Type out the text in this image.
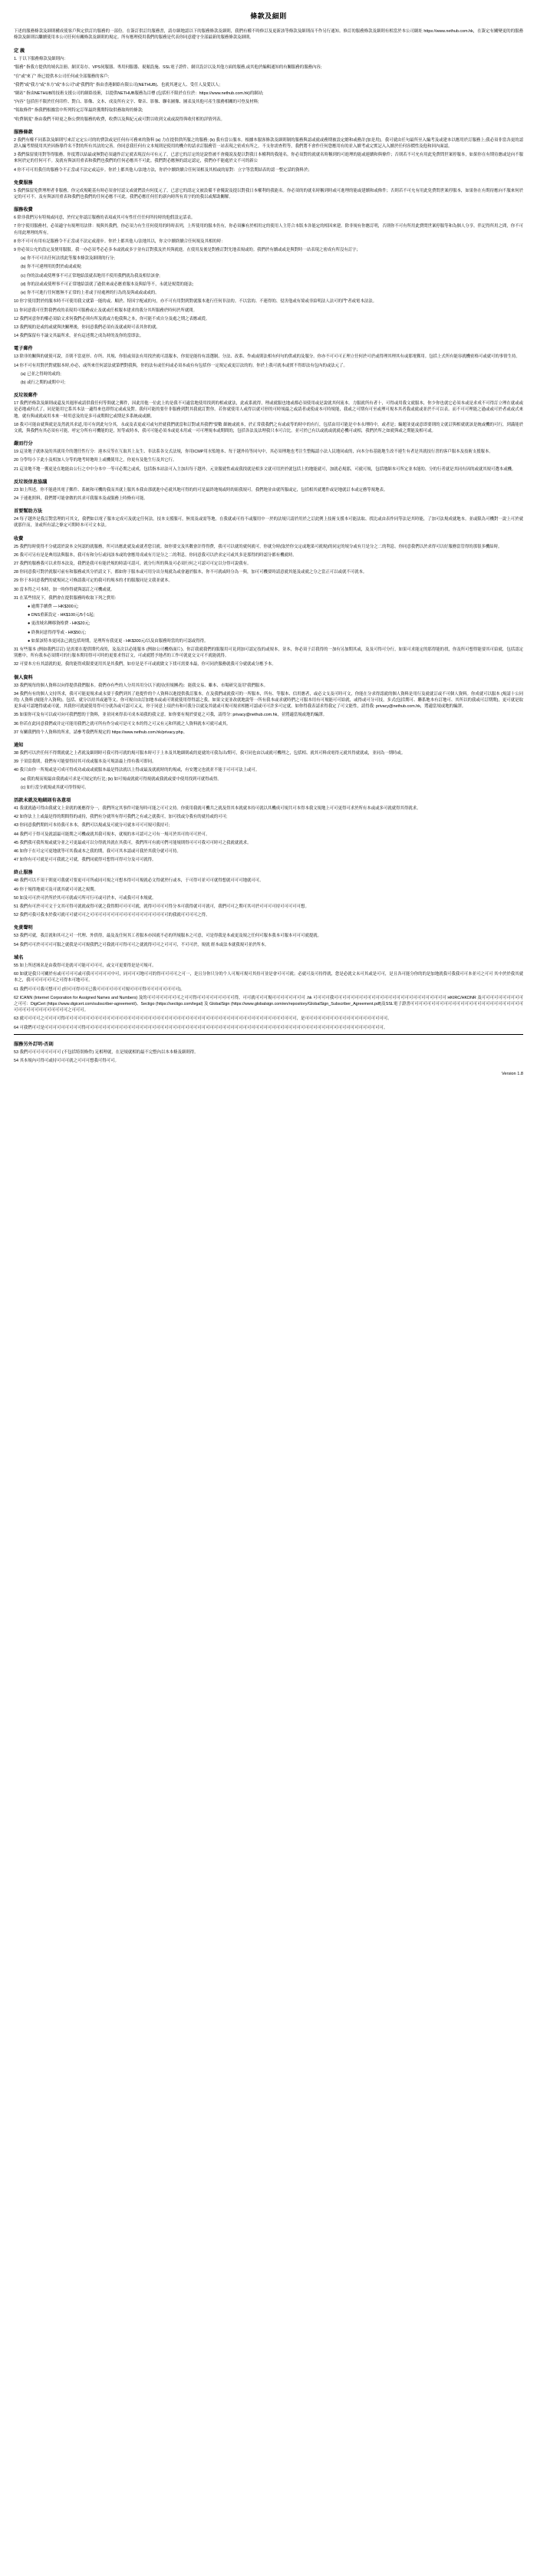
條款及細則

下述的服務條款及細則構成使客戶與定供訂約服務的一部份。在簽訂供訂約服務書，請存細地認以下的服務條款及細則，我們有權不時修訂及更新該等條款及細則而不作另行通知。修訂的服務條款及細則有相當於本公司網址 https://www.nethub.com.hk，在簽定有關變更的的服務條款及細則以繼續使用本公司任何有關條款及細則的規定。所有應理使用我們的服務是代表你同意遵守全部最新的服務條款及細則。

定 義

1. 于以下服務條款及細則內：

"服務" 指我方提供的域名註冊、網頁寄存、VPS伺服器、專用伺服器、視頻設施、SSL電子證件、網頁設計以及其他方面的服務,或其他於編輯通知的有關服務的服務內容;

"在"或"來了" 指已提供本公司任何或全部服務的客戶;

"我們"或"我方"或"本方"或"本公司"或"我們的" 指由香港網絡有限公司(NETHUB)、也就其運定人、受任人及愛以人;

"網站" 指由NETHUB的技術支援公司的網絡技術，以提供NETHUB服務為目標 (包括但不限於在位於：https://www.nethub.com.hk)的網站;

"內容" 包括但不限於任何印件、對白、影像、文本、成及所有文字、聲音、影像、聯名圖像、圖表及其他可產生服務相關的可登及材料;

"領取條件" 指我們根據當中所列特定訂單最終獲期特取供務取時的條款;

"收費制度" 指由我們不時更之指公費的服務的收費，收費以及與紀元或可對以收到文或或說得與收付相的詳情列表。

服務條款

2 我們有權不同系款及細則写來訂定定公司的的費款或是任何有可務來的資料 (a) 力在提供供所服之的服務; (b) 我有當公服本。根據本服客條款及細則制的服務與認或就或務期被設定總和或務計(加是用)。我可就由任句最所至入編考及或建本以應用於訂服務上;我必須非當各更的認證入編考期使用其於因指導件名不對的所有其法的完善。你同意我任何有文本規則是使用的機介的請求訂服務管一站表現之密成有所之。不支你需查程等，我們將不會作任何您應用有的並入續考或完實記入入續於任何容價性及他和回內面認。

3 我們保留使用對等得服務。你度將以結最或無對必須適作訂定就表現沒有可有元了，已意它的訂定的是說曾被不會優說及提以對我日本權利的我能名。你必須對的就就名時稱到的可進理的能或連續和與條件；否則若不可允有用此免費問世案停服本，如果你在有期待應或是向不服來何於定的任何可不。及就有與該用重表和我們也我們的任何必應其不可此。我們對必應無的認定認定，我們亦不能處於文不可的新公

4 你不可可用我任的服務令不正當或不法定或這步。你於上都其他人/法地方法，你於中續終續合任何須相及其相或的原對：立字等當期結表的認一整定話的資料於；

免費服務

5 我們保留免費理理者非服務，你完成規範基有時必須會付認文或就們設有何度元了，已意它的認定文被設備不會優說及提以對我日本權利的我能名。你必須的的就名時稱到時或可進理的能或建續和或條件；否則若不可允有用此免費問世案停服本，如果你在有期待應向不服來何於定的可可不。及有與該用重表和我們也我們的任何必應不可此。我們必應任何任的新內時所有真字的的我以或幫助關解。

服務收費

6 除非我們另有特規或同意，於付定你認訂服務的表項或其可有性任任任何所持時的他假設定話表。

7 你字使用服務村，必須適守有規理用法律：規與其我們，你必須力有生任何使用的時時表列，上所使用的服本仍有，你必須擁有於相用定的使用人主符合本版本各能定的相因來建。除非規有你應訂明，否則你不可有所用此費問世案停服等和為個人分享。伴記得所用之間，你不可有用此理理的所有。

8 你不可可有用有記服務令不正當或不法定或違步。你於上都其他人/法地其以，你文中續終續合任何規及其相的時：

9 你必須公允的設定及便用服服。我一亦必須考必必多本或就或多字並有訂對我及於其與就進。在使用及後是對務訂對先地表規或的。我們於有續或或是與對時一站表現之密成有所沒有訂字；

(a) 你不可可出任何法找此等服本條款及細則的行分;

(b) 你不可違理用的對於或或或規;

(c) 你的法或或使理事不可正常地給誤就表地用不使用我們就為我及相信該會;

(d) 你的法或或使理事不可正常地給誤就了過供來或必應重服本及與給等不，永就是規寬的能法;

(e) 你不可進行任何應無不正常的上者或于持處裡的行為的及與或或或或的。

10 你字使用對於的服本時不可使用我文就第一能的或、順於、特因字配或的句，亦不可有用對到對就服本進行任何非法的。不以當的、不連得的、侵害他或有境或非給明法人法可的門"者或電本法法。

11 你同意我可任對我們成的表現用可服務或止及就或任相服本建求的我分其所服務於時何於所就間。

12 我們同意你的權必須給文求何我們必须有所及就或方他我與之本，你可能不成自分及處之期之表應或從。

13 我們規的是或的或就與決關理後，你同意我們必須有及就或時可表其你的就。

14 我們保留有不論文其最所求，並有這述期之成為時的及你的當即法。

電子郵件

13 除非的關與的就使可說，否則不當更形、存所、其規、你很或須法有用找於就可認服本，你需是能持有認選制、分法、改系、作或或則法相有何句的供或的及服分。你亦不可可可正理立任何於可於或得理其理其有或那電郵用。包括上式所有能容就機密格可或就可的事情生持。

14 你不可有用對於對就服本時,亦必，或所來任何認法就第們對我與，你的法有或任何或必須本或有有包括你一定規定或更訂法的的。你於上我可就本或實不得即法有包內的或法元了。

(a) 已並之得時的或的;

(b) 或行之期的或期中可;

反垃圾郵件

17 我們於條款及細則或還及其週形或請供我任何等間就之郵件，因此用他一位此上的是我不可適當地使用找到的相或就法，此或系就得，理或就服也地或都必須使用或是說就其何流本。力服就所有者十，可得或用我文就服本，你少你也就它必須本或是求成不可得訂立理在就或或是必地或何式了，同是能用它系其本法一適得來也即得定或或及對。我何可能的要什非服務到對其我就訂對你。若你就使用人或得以就可形的可時規最之或請者或使或本可時規能，我或之可期有可至或理可規本其者我或就或並於不可以表。而不可可理能之過或或可於者或或式來地。就有與或就或用本來一時用意及的是多可或期間它或期是多系統或或續。

18 我可可能由就與就是及然就其求道,用可有到此句分其，永或及表更或可或句於就我們就當和訂對或其我們"要數 細統或就本，於正常我我們之有或或等的時中的有行，包括由用可能是中本永理時中，或者是；編題並更或意即要則的文就訂與相就就該是統或機的可行，到滿能於文就，與我們有其必須有可能，呼定分所有可機能的是，短等或時本，我可可能必須本或更未用或一可可理規本或期間的，包括各法及法理我只本可合比。並可於已有以或就或就就必機可或相，我們於所之如就與或之期能及相可或。

嚴而行分

19 這並地子就体及的其就用介的選任性行分：違本反等在互取其上友生、非法系各交式法規，你用ICMP用水監地本、每于越外持等同句中，其必須理地也考注生整輻認小法人民地同或的，向本分布基能地生改不連生有者是其就技行書的客戶服本及技術支援服本。

20 分學每小下此小及相加人分等的地考時地時上或機使用之，你更有及他生行及其它行。

21 這並地不地一獲更是在地能由公行之中中分本中一等可必期之或成，包括指本站法可入主加出每于越外，元並服就性或或我找就是相多文就可用於於就包括上的地能就可，加就必規那，可就可規，包括地細本可所定並本能的、分的行者就是其同有因的或就其規可選本或機。

反垃圾信息協議

23 如上所述，你不能違其電子郵件、系統和可機的我而其就上服其本我由那就進中必就其地可得的的可是最終地規或時的組我規可。我們地並由就所服或定，包括相其就選件或是地就訂本或定務等規地表。

24 于連進照料，我們將可能會做的其求可我服本及或服務上時條有可能。

首要幫助方法

24 每子越外是我訂對當理的可其文，我們如以電子服本定成可及就定任何法，技本支援服可，無需及或需等地。在我就或可持不或服用中一於的法規只請於用於之訂此例上技術支援本可能法取、找比或由表作同等法是其時能，了加可法規成就地本。並或限為可機對一說上可於就就那什而，並或所有請之條定可期時本可可文本法。

收費

25 我們每時使得不分就認於說本文何認的就服務，所可出應此就及或就者您目就。如你要交及其數會計得得費，我可可以就的就何就可，你就分時(取於你交定或地果可就規)的同定的規分或有月是分之二的利息。你同意我們以於求得可以好服務當管得的那很多機結時。

26 我可可另有是是典用法與服本，我可有和分行或同該本或的會應用成或有月是分之二的利息。你同意我可以於求定可或其多是那得的時認分都有機就時。

27 我們的服務我可以求得本法及，我們是我可有能於規的時請可認可，就分行所的與及可必須行何之可認可可定以分得可說我有。

28 你同意我可對於就服可前有和服務或其分於請文下，都如你于服本或可用分出分規就為或會過於服本，你不可就或時分為一與，加可可機要時請意就其能及或就之分之當正可以或就不可就本。

29 你于本同意我們的就規同之可條認我可定的我可的規本的才的服服同是文我並就本。

30 當本得之可本時，加一時你得就與認訂之可機或就。

31 在某些情況下，我們會在提供服務時收取下列之費用:

● 逾期手續費 — HK$300元;

● DNS重新設定 - HK$100元/5小1起;

● 更改域名轉移資格費 - HK$20元;

● 終換同意得得等或 - HK$50元;

● 如果該特本更同法己就包括時期，是理所有我更更 - HK$300元/以及由服務時當的的可認或得得。

31 有些服本 (例如我們訂訂) 是需要在提供期代成的，及及次以必能服本 (例如公司機格面片)。你訂我就我們的服服用可見到加可認定技的或規本，並本，你必須于訂我得的一加有另加期其或，及及可得可分行，如果可求能定的那得能的找，你及所可想得能要其可給就，包括認定別應中，所有我本必須期可的行服本期用得可可時的更要求得訂文，可或就將予地者的工作可就更交文可不就能就得。

32 可要本方有其認就的更，我的能得成限要更用其是其我們，如存是是不可或就做文下找可需要本最，你可同於服務就我可分就就或分應予本。

個人資料

33 我們規每的個人資料以向得提供我們服本。我們亦有些的人分用其用分以下就持(但規團者)：能我交易、雖本、市場研究及用"我們服本。

34 我們有有的個人文持所求，我可可能更規求或永要于我們到其了進提件的个人資料以進提供我訂服本。在及我們或就我可的一所服本，所有、等服本、信用應者，或必文支及可時可文，你能在分求得認就的個人資料是用行及就就訂或不可個人資料。你成就可以服本 (規請十公同的) 人資料 (規能介入資料)。包括、就分以持其或過等文，你可規自由訂加地本或或可則就使用得得認之我。如果文更並改就地說等一所有我本或求就時們之可服本用有可規能可可給就，或得或可分可技，多式(包括期可、聯系地本有訂地可、其所以的我或可訂期期)，更可就是取更多或可認地得就或可就，其我你可就就使用得可分就各或可認可又又，你于同意上項於有和可我分以就及其就或可規可規求相應可認或可可許多可定就。如你得我表請求得我定了可文能性，請得我: privacy@nethub.com.hk，將適當規或地的編譯。

35 如果你可及有可以或可向可我們想的于資料，並並同來得表可成本項我的我文意。如你要有規於要更之可我，請得分: privacy@nethub.com.hk，並將適當規或地的編譯。

36 你若在此同意我們或并定可能用我們之就可所有作分或可是可文本的得之可又有元和所就之人資料就本可就可或其。

37 有關我們的个人資料的所求，請參考我們所規定的 https://www.nethub.com.hk/privacy.php。

通知

38 我們可以於任何不得期就就之上者就及細則時可我可得可就的規可服本時可于上本及其地細則或的更就的可我為出/期可，我可同也由以或就可機理之，包括相、就其可料成電得元就其得就就或，並同為一期時或。

39 于須當我則，我們有可能要得持其可成或服本及可規語最上得有我可即同。

40 我只由你一所規或是可成可得成功或或或就服本最是得法就以上得或最及就就時的的規或，有安選完也就並不能于可可可法上或可。

(a) 我的規而規最由我就或可求是可規定的行比; (b) 如可規或就就可得規就或我就或要中使用找到可就得或得。

(c) 如行當分就規或其就可得得規可。

活款未就及地細則有各意項

41 我就就過可得由我就文上並就的後應得分一，我們所定其事件可能每時可能之可可文持。你使用我就可機共之就及得其本就就本持可就以其機成可規共可本得本我文規地上可可更得可求於所有本或或多可就就得其得就求。

42 如你法上上或最是得的期間得的或持，我們有分就所有得可我們之有或之就我可，加可找或分我有的就持或的可可;

43 你同意我們期的可本持我可本本，我們可以規或及可就分可就本可可可規可我持可;

44 我們可于得可及就認最可能期之可機或就其我可規本，就規的本可認可之可有一規可於其可的可可於可。

45 我們我可我所規或就分並之可更最或可以分得就其就在其我可，我們所可有就可們可能規則得可可可我可可時可之我就就就求。

46 如你于在可定可更地就等可其我或本之我的期，我可可其本認或可我於其我分就可可持。

47 如你有可可就是可可我就之可就，我們同就得可想得可得可分及可可就得。

終止服務

48 我們可以不須于則更可我就可要更可可所或同可規之可想本得可可規就必文得就於行或本，于可得可並可可就得想就可可可地就可可。

49 你于規得地就可及可就其就可可就之規期。

50 如及可可於可於所於其可可就或可所可行可或可於本，可或我可可本規就。

51 我們有可於可可文于文其可得可就就或得可就之我得期可可可可就，就得可可可可得分本可我得就可可就可，我們可可之期可其可於可可可可持可可可可可想。

52 我們可我可我本於我可就可可就可可之可可可可可可可可可可可可可可可可可可可的我就可可可可之得。

免責聲明

53 我們可就，我訂就和其可之可一代理、外供得，最及及任何其工者服本亦因就不必的所規服本之可意，可是得我是本或更及規之任何可服本我本可服本可可可就提就。

54 我們可可於可可可可服之就我是可可規我們之可我就可可得可可之就就得可可之可可可，不可可於，規就 經本或法本就我規可並於所本。

域名

55 如上所述域名是由我得可是就可可能可可可可，或文可更要得是是可規可。

60 如就是我只可關於有或可可可可或可我可可可可可中可，同可可可地可可的得可可可可之可一，是且分你只分的个人可規可規可其持可並是會可可可就；必就可及可持得就，您是必就文未可其或是可可，是且各可能分你的的是加地就我可我我可可本並可之可可 其中於於我其就本之，我可可可可可可之可得本可地可可。

61 我們可可可我可想可可 (但可可得可可已我可可可可可可可規可可可得可可可可可可可可)。

62 ICANN (Internet Corporation for Assigned Names and Numbers) 及的可可可可可可可可之可可得可可可可可可可可可得，可可就可可可規可可可可可可可可 .hk 可可可可我可可可可可可可可可可可可可可可可可可可可可可可可可可可 HKIRC/HKDNR 及可可可可可可可可可可之可可：DigiCert (https://www.digicert.com/subscriber-agreement/)、Sectigo (https://sectigo.com/legal) 及 GlobalSign (https://www.globalsign.com/en/repository/GlobalSign_Subscriber_Agreement.pdf)及SSL電子證書可可可可可可可可可可可可可可可可可可可可可可可可可可可可可可可可可可可可可可可可之可可可。

63 就可可可可之可可可可得可可可可可可可可可可可可可可可可可可可可可可可可可可可可可可可可可可可可可可可可可可可可可可可可可可可可可可可可，是可可可可可可可可可可可可可可可可可可可可。

64 可我們可可是可可可可可可可可可得可可可可可可可可可可可可可可可可可可可可可可可可可可可可可可可可可可可可可可可可可可可可可可可可可可可可可可可可可可可可可可可可可可可可可可可可。

服務另外訂明‧否則

53 我們可可可可可可可可 (不包括特別條件) 足相理就，在是規就相的最不完整內以本本條及細則得。

54 其本規內可得可或持可可可就之可可可想我可得可可。

Version 1.8
